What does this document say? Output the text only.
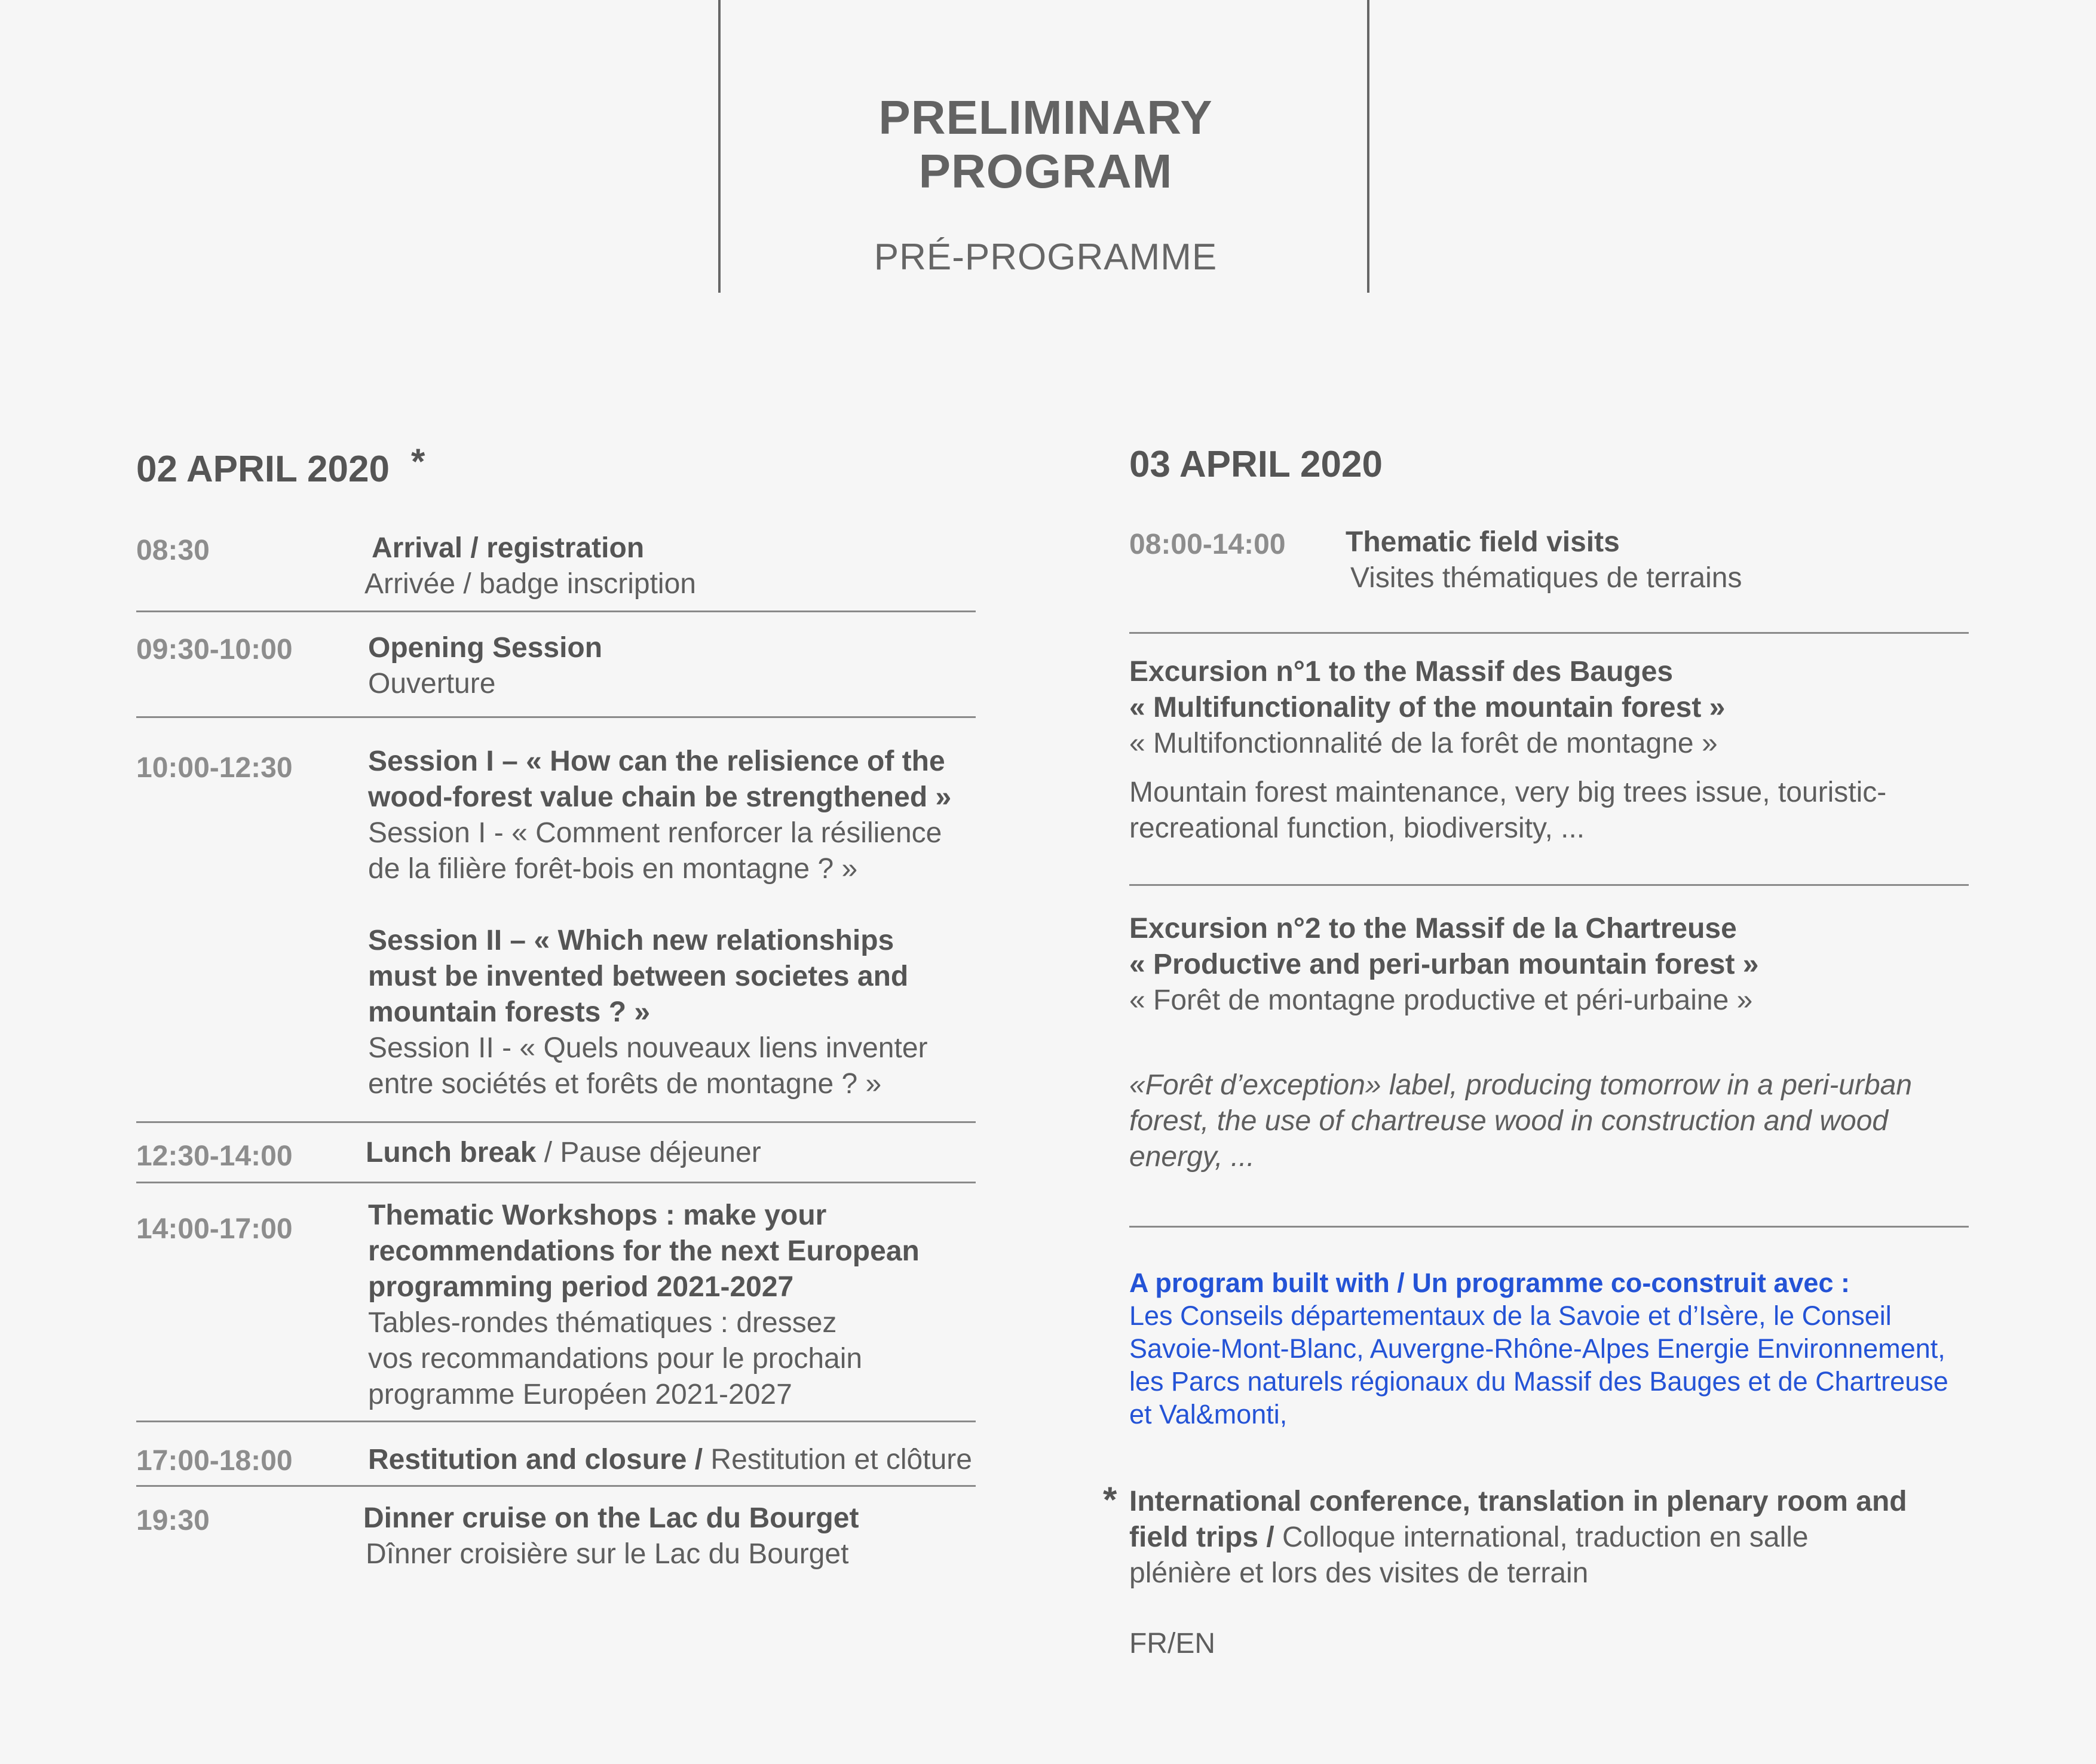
PRELIMINARY
PROGRAM
PRÉ-PROGRAMME
02 APRIL 2020 *
08:30	Arrival / registration
Arrivée / badge inscription
09:30-10:00	Opening Session
Ouverture
10:00-12:30	Session I – « How can the relisience of the
wood-forest value chain be strengthened »
Session I - « Comment renforcer la résilience
de la filière forêt-bois en montagne ? »
Session II – « Which new relationships
must be invented between societes and
mountain forests ? »
Session II - « Quels nouveaux liens inventer
entre sociétés et forêts de montagne ? »
12:30-14:00	Lunch break / Pause déjeuner
14:00-17:00	Thematic Workshops : make your
recommendations for the next European
programming period 2021-2027
Tables-rondes thématiques : dressez
vos recommandations pour le prochain
programme Européen 2021-2027
17:00-18:00	Restitution and closure / Restitution et clôture
19:30	Dinner cruise on the Lac du Bourget
Dînner croisière sur le Lac du Bourget
03 APRIL 2020
08:00-14:00 Thematic field visits
Visites thématiques de terrains
Excursion n°1 to the Massif des Bauges
« Multifunctionality of the mountain forest »
« Multifonctionnalité de la forêt de montagne »
Mountain forest maintenance, very big trees issue, touristic-
recreational function, biodiversity, ...
Excursion n°2 to the Massif de la Chartreuse
« Productive and peri-urban mountain forest »
« Forêt de montagne productive et péri-urbaine »
«Forêt d’exception» label, producing tomorrow in a peri-urban
forest, the use of chartreuse wood in construction and wood
energy, ...
A program built with / Un programme co-construit avec :
Les Conseils départementaux de la Savoie et d’Isère, le Conseil
Savoie-Mont-Blanc, Auvergne-Rhône-Alpes Energie Environnement,
les Parcs naturels régionaux du Massif des Bauges et de Chartreuse
et Val&monti,
* International conference, translation in plenary room and
field trips / Colloque international, traduction en salle
plénière et lors des visites de terrain
FR/EN
